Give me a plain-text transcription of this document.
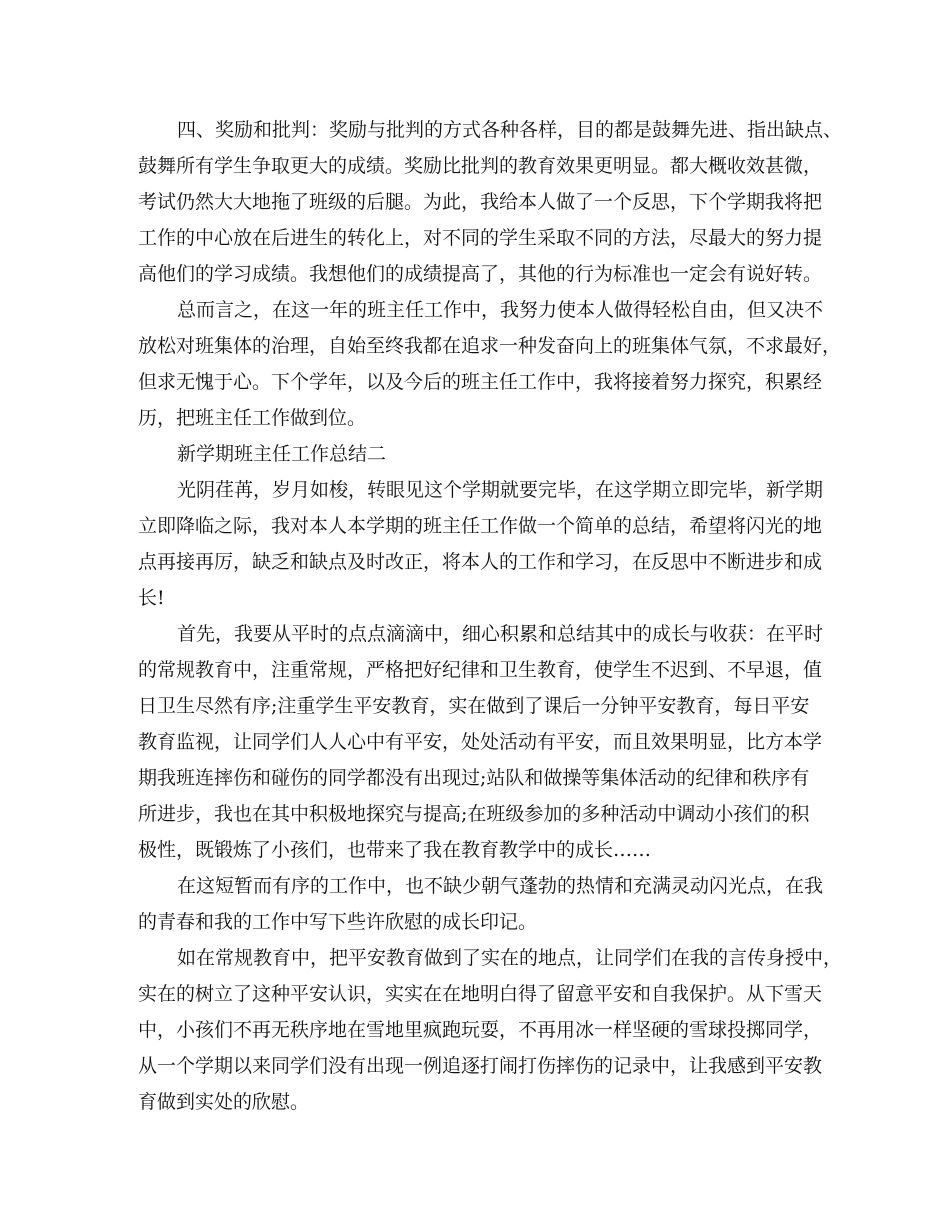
四、奖励和批判：奖励与批判的方式各种各样，目的都是鼓舞先进、指出缺点、
鼓舞所有学生争取更大的成绩。奖励比批判的教育效果更明显。都大概收效甚微，
考试仍然大大地拖了班级的后腿。为此，我给本人做了一个反思，下个学期我将把
工作的中心放在后进生的转化上，对不同的学生采取不同的方法，尽最大的努力提
高他们的学习成绩。我想他们的成绩提高了，其他的行为标准也一定会有说好转。
总而言之，在这一年的班主任工作中，我努力使本人做得轻松自由，但又决不
放松对班集体的治理，自始至终我都在追求一种发奋向上的班集体气氛，不求最好，
但求无愧于心。下个学年，以及今后的班主任工作中，我将接着努力探究，积累经
历，把班主任工作做到位。
新学期班主任工作总结二
光阴荏苒，岁月如梭，转眼见这个学期就要完毕，在这学期立即完毕，新学期
立即降临之际，我对本人本学期的班主任工作做一个简单的总结，希望将闪光的地
点再接再厉，缺乏和缺点及时改正，将本人的工作和学习，在反思中不断进步和成
长!
首先，我要从平时的点点滴滴中，细心积累和总结其中的成长与收获：在平时
的常规教育中，注重常规，严格把好纪律和卫生教育，使学生不迟到、不早退，值
日卫生尽然有序;注重学生平安教育，实在做到了课后一分钟平安教育，每日平安
教育监视，让同学们人人心中有平安，处处活动有平安，而且效果明显，比方本学
期我班连摔伤和碰伤的同学都没有出现过;站队和做操等集体活动的纪律和秩序有
所进步，我也在其中积极地探究与提高;在班级参加的多种活动中调动小孩们的积
极性，既锻炼了小孩们，也带来了我在教育教学中的成长……
在这短暂而有序的工作中，也不缺少朝气蓬勃的热情和充满灵动闪光点，在我
的青春和我的工作中写下些许欣慰的成长印记。
如在常规教育中，把平安教育做到了实在的地点，让同学们在我的言传身授中，
实在的树立了这种平安认识，实实在在地明白得了留意平安和自我保护。从下雪天
中，小孩们不再无秩序地在雪地里疯跑玩耍，不再用冰一样坚硬的雪球投掷同学，
从一个学期以来同学们没有出现一例追逐打闹打伤摔伤的记录中，让我感到平安教
育做到实处的欣慰。
